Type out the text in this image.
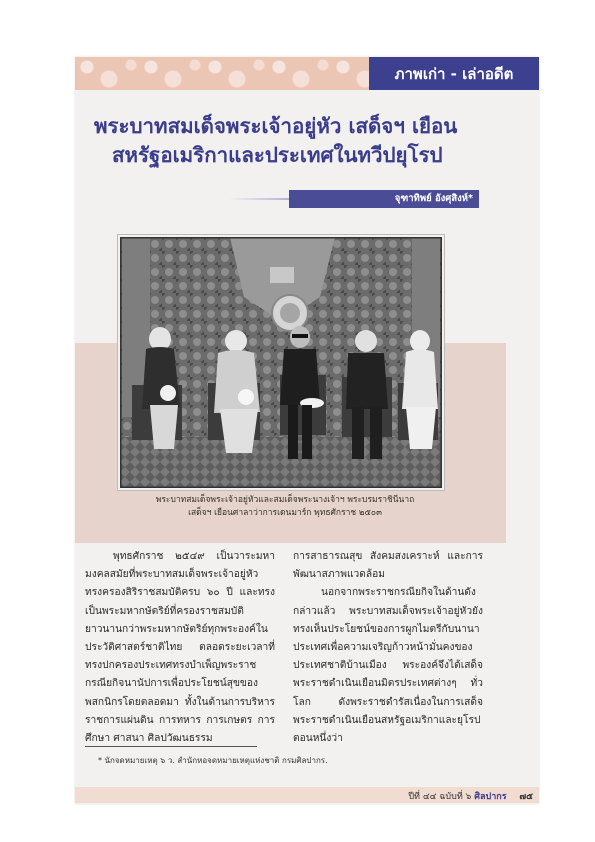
ภาพเก่า - เล่าอดีต
พระบาทสมเด็จพระเจ้าอยู่หัว เสด็จฯ เยือน
สหรัฐอเมริกาและประเทศในทวีปยุโรป
จุฑาทิพย์ อังศุสิงห์*
พระบาทสมเด็จพระเจ้าอยู่หัวและสมเด็จพระนางเจ้าฯ พระบรมราชินีนาถ
เสด็จฯ เยือนศาลาว่าการเดนมาร์ก พุทธศักราช ๒๕๐๓

พุทธศักราช ๒๕๔๙ เป็นวาระมหามงคลสมัยที่พระบาทสมเด็จพระเจ้าอยู่หัวทรงครองสิริราชสมบัติครบ ๖๐ ปี และทรงเป็นพระมหากษัตริย์ที่ครองราชสมบัติยาวนานกว่าพระมหากษัตริย์ทุกพระองค์ในประวัติศาสตร์ชาติไทย ตลอดระยะเวลาที่ทรงปกครองประเทศทรงบำเพ็ญพระราชกรณียกิจนานัปการเพื่อประโยชน์สุขของพสกนิกรโดยตลอดมา ทั้งในด้านการบริหารราชการแผ่นดิน การทหาร การเกษตร การศึกษา ศาสนา ศิลปวัฒนธรรม

การสาธารณสุข สังคมสงเคราะห์ และการพัฒนาสภาพแวดล้อม

นอกจากพระราชกรณียกิจในด้านดังกล่าวแล้ว พระบาทสมเด็จพระเจ้าอยู่หัวยังทรงเห็นประโยชน์ของการผูกไมตรีกับนานาประเทศเพื่อความเจริญก้าวหน้ามั่นคงของประเทศชาติบ้านเมือง พระองค์จึงได้เสด็จพระราชดำเนินเยือนมิตรประเทศต่างๆ ทั่วโลก ดังพระราชดำรัสเนื่องในการเสด็จพระราชดำเนินเยือนสหรัฐอเมริกาและยุโรปตอนหนึ่งว่า

* นักจดหมายเหตุ ๖ ว. สำนักหอจดหมายเหตุแห่งชาติ กรมศิลปากร.
ปีที่ ๔๔ ฉบับที่ ๖ ศิลปากร ๗๕
